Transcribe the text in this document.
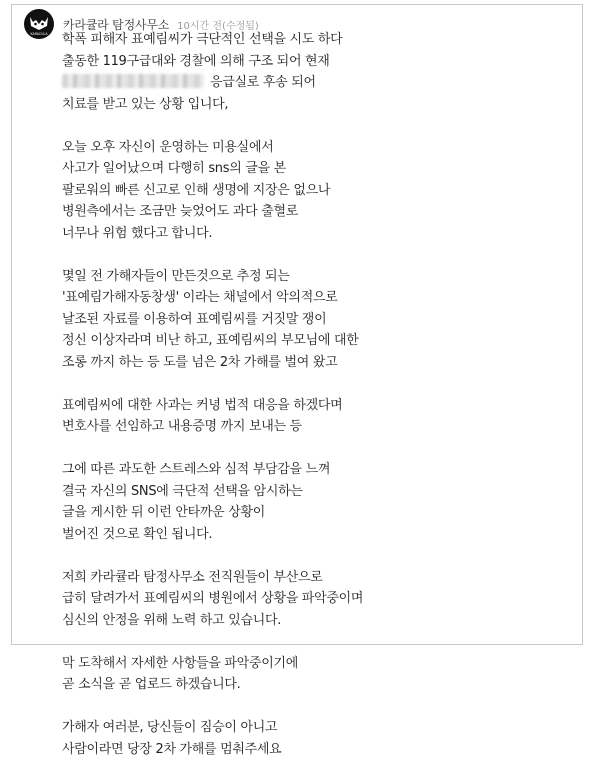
KARACULA
카라큘라 탐정사무소 10시간 전(수정됨)

학폭 피해자 표예림씨가 극단적인 선택을 시도 하다
출동한 119구급대와 경찰에 의해 구조 되어 현재
응급실로 후송 되어
치료를 받고 있는 상황 입니다,

오늘 오후 자신이 운영하는 미용실에서
사고가 일어났으며 다행히 sns의 글을 본
팔로워의 빠른 신고로 인해 생명에 지장은 없으나
병원측에서는 조금만 늦었어도 과다 출혈로
너무나 위험 했다고 합니다.

몇일 전 가해자들이 만든것으로 추정 되는
'표예림가해자동창생' 이라는 채널에서 악의적으로
날조된 자료를 이용하여 표예림씨를 거짓말 쟁이
정신 이상자라며 비난 하고, 표예림씨의 부모님에 대한
조롱 까지 하는 등 도를 넘은 2차 가해를 벌여 왔고

표예림씨에 대한 사과는 커녕 법적 대응을 하겠다며
변호사를 선임하고 내용증명 까지 보내는 등

그에 따른 과도한 스트레스와 심적 부담감을 느껴
결국 자신의 SNS에 극단적 선택을 암시하는
글을 게시한 뒤 이런 안타까운 상황이
벌어진 것으로 확인 됩니다.

저희 카라큘라 탐정사무소 전직원들이 부산으로
급히 달려가서 표예림씨의 병원에서 상황을 파악중이며
심신의 안정을 위해 노력 하고 있습니다.

막 도착해서 자세한 사항들을 파악중이기에
곧 소식을 곧 업로드 하겠습니다.

가해자 여러분, 당신들이 짐승이 아니고
사람이라면 당장 2차 가해를 멈춰주세요
